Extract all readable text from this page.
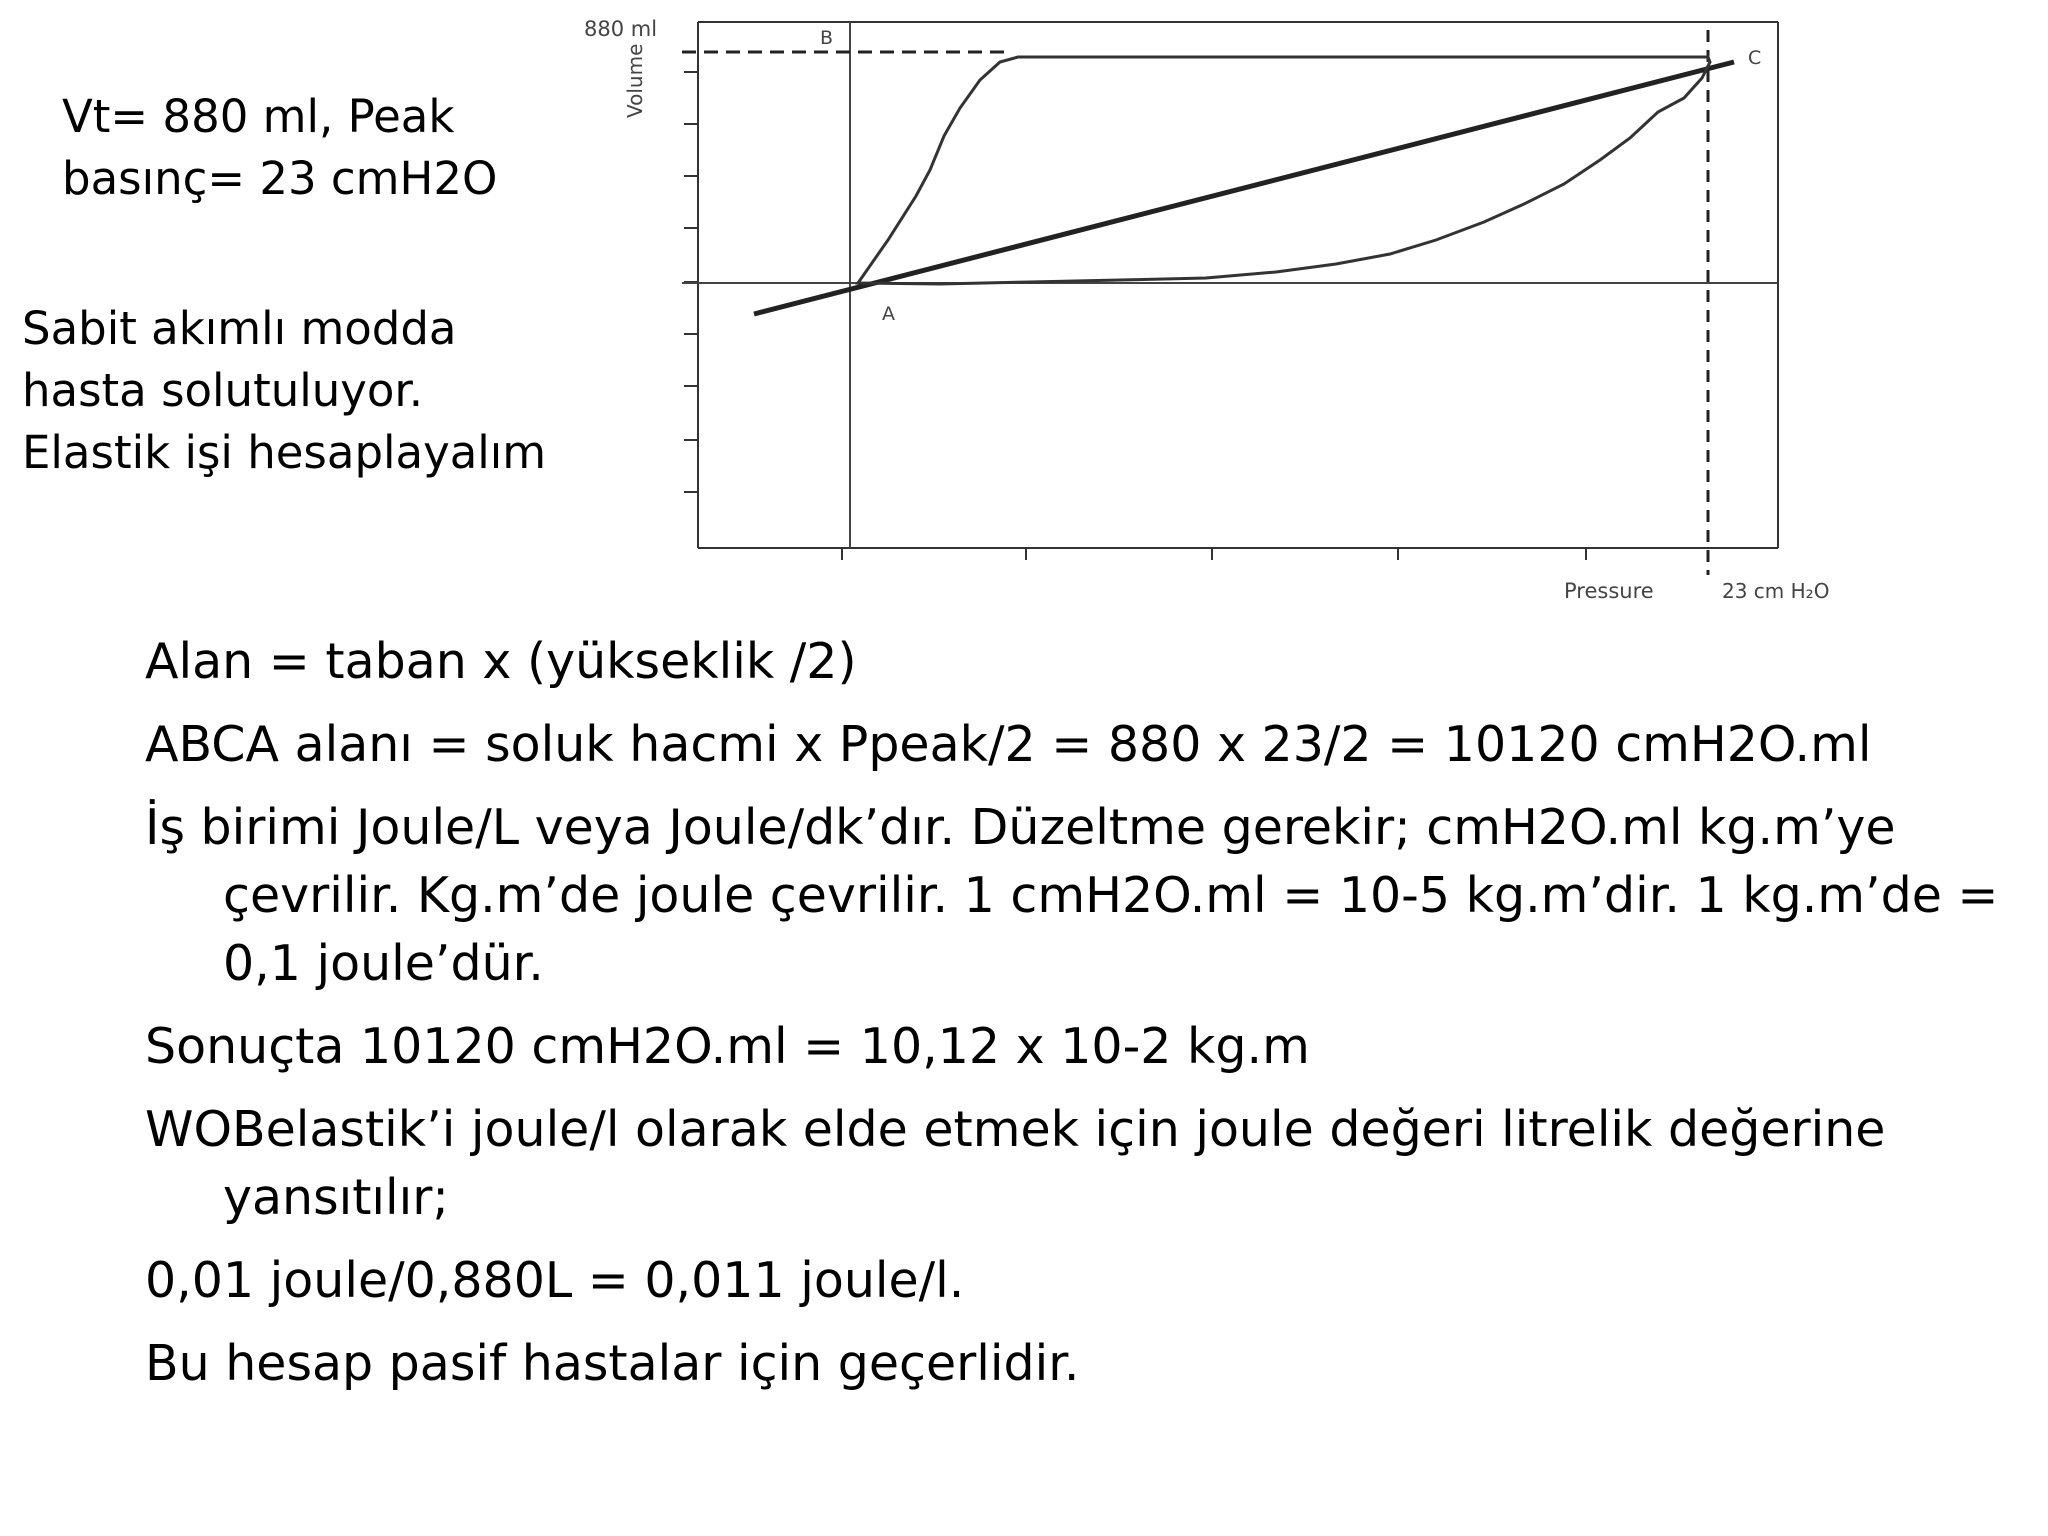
Vt= 880 ml, Peak
basınç= 23 cmH2O
Sabit akımlı modda
hasta solutuluyor.
Elastik işi hesaplayalım
880 ml
Volume
B
C
A
Pressure	23 cm H₂O

Alan = taban x (yükseklik /2)

ABCA alanı = soluk hacmi x Ppeak/2 = 880 x 23/2 = 10120 cmH2O.ml

İş birimi Joule/L veya Joule/dk’dır. Düzeltme gerekir; cmH2O.ml kg.m’ye çevrilir. Kg.m’de joule çevrilir. 1 cmH2O.ml = 10-5 kg.m’dir. 1 kg.m’de = 0,1 joule’dür.

Sonuçta 10120 cmH2O.ml = 10,12 x 10-2 kg.m

WOBelastik’i joule/l olarak elde etmek için joule değeri litrelik değerine yansıtılır;

0,01 joule/0,880L = 0,011 joule/l.

Bu hesap pasif hastalar için geçerlidir.
